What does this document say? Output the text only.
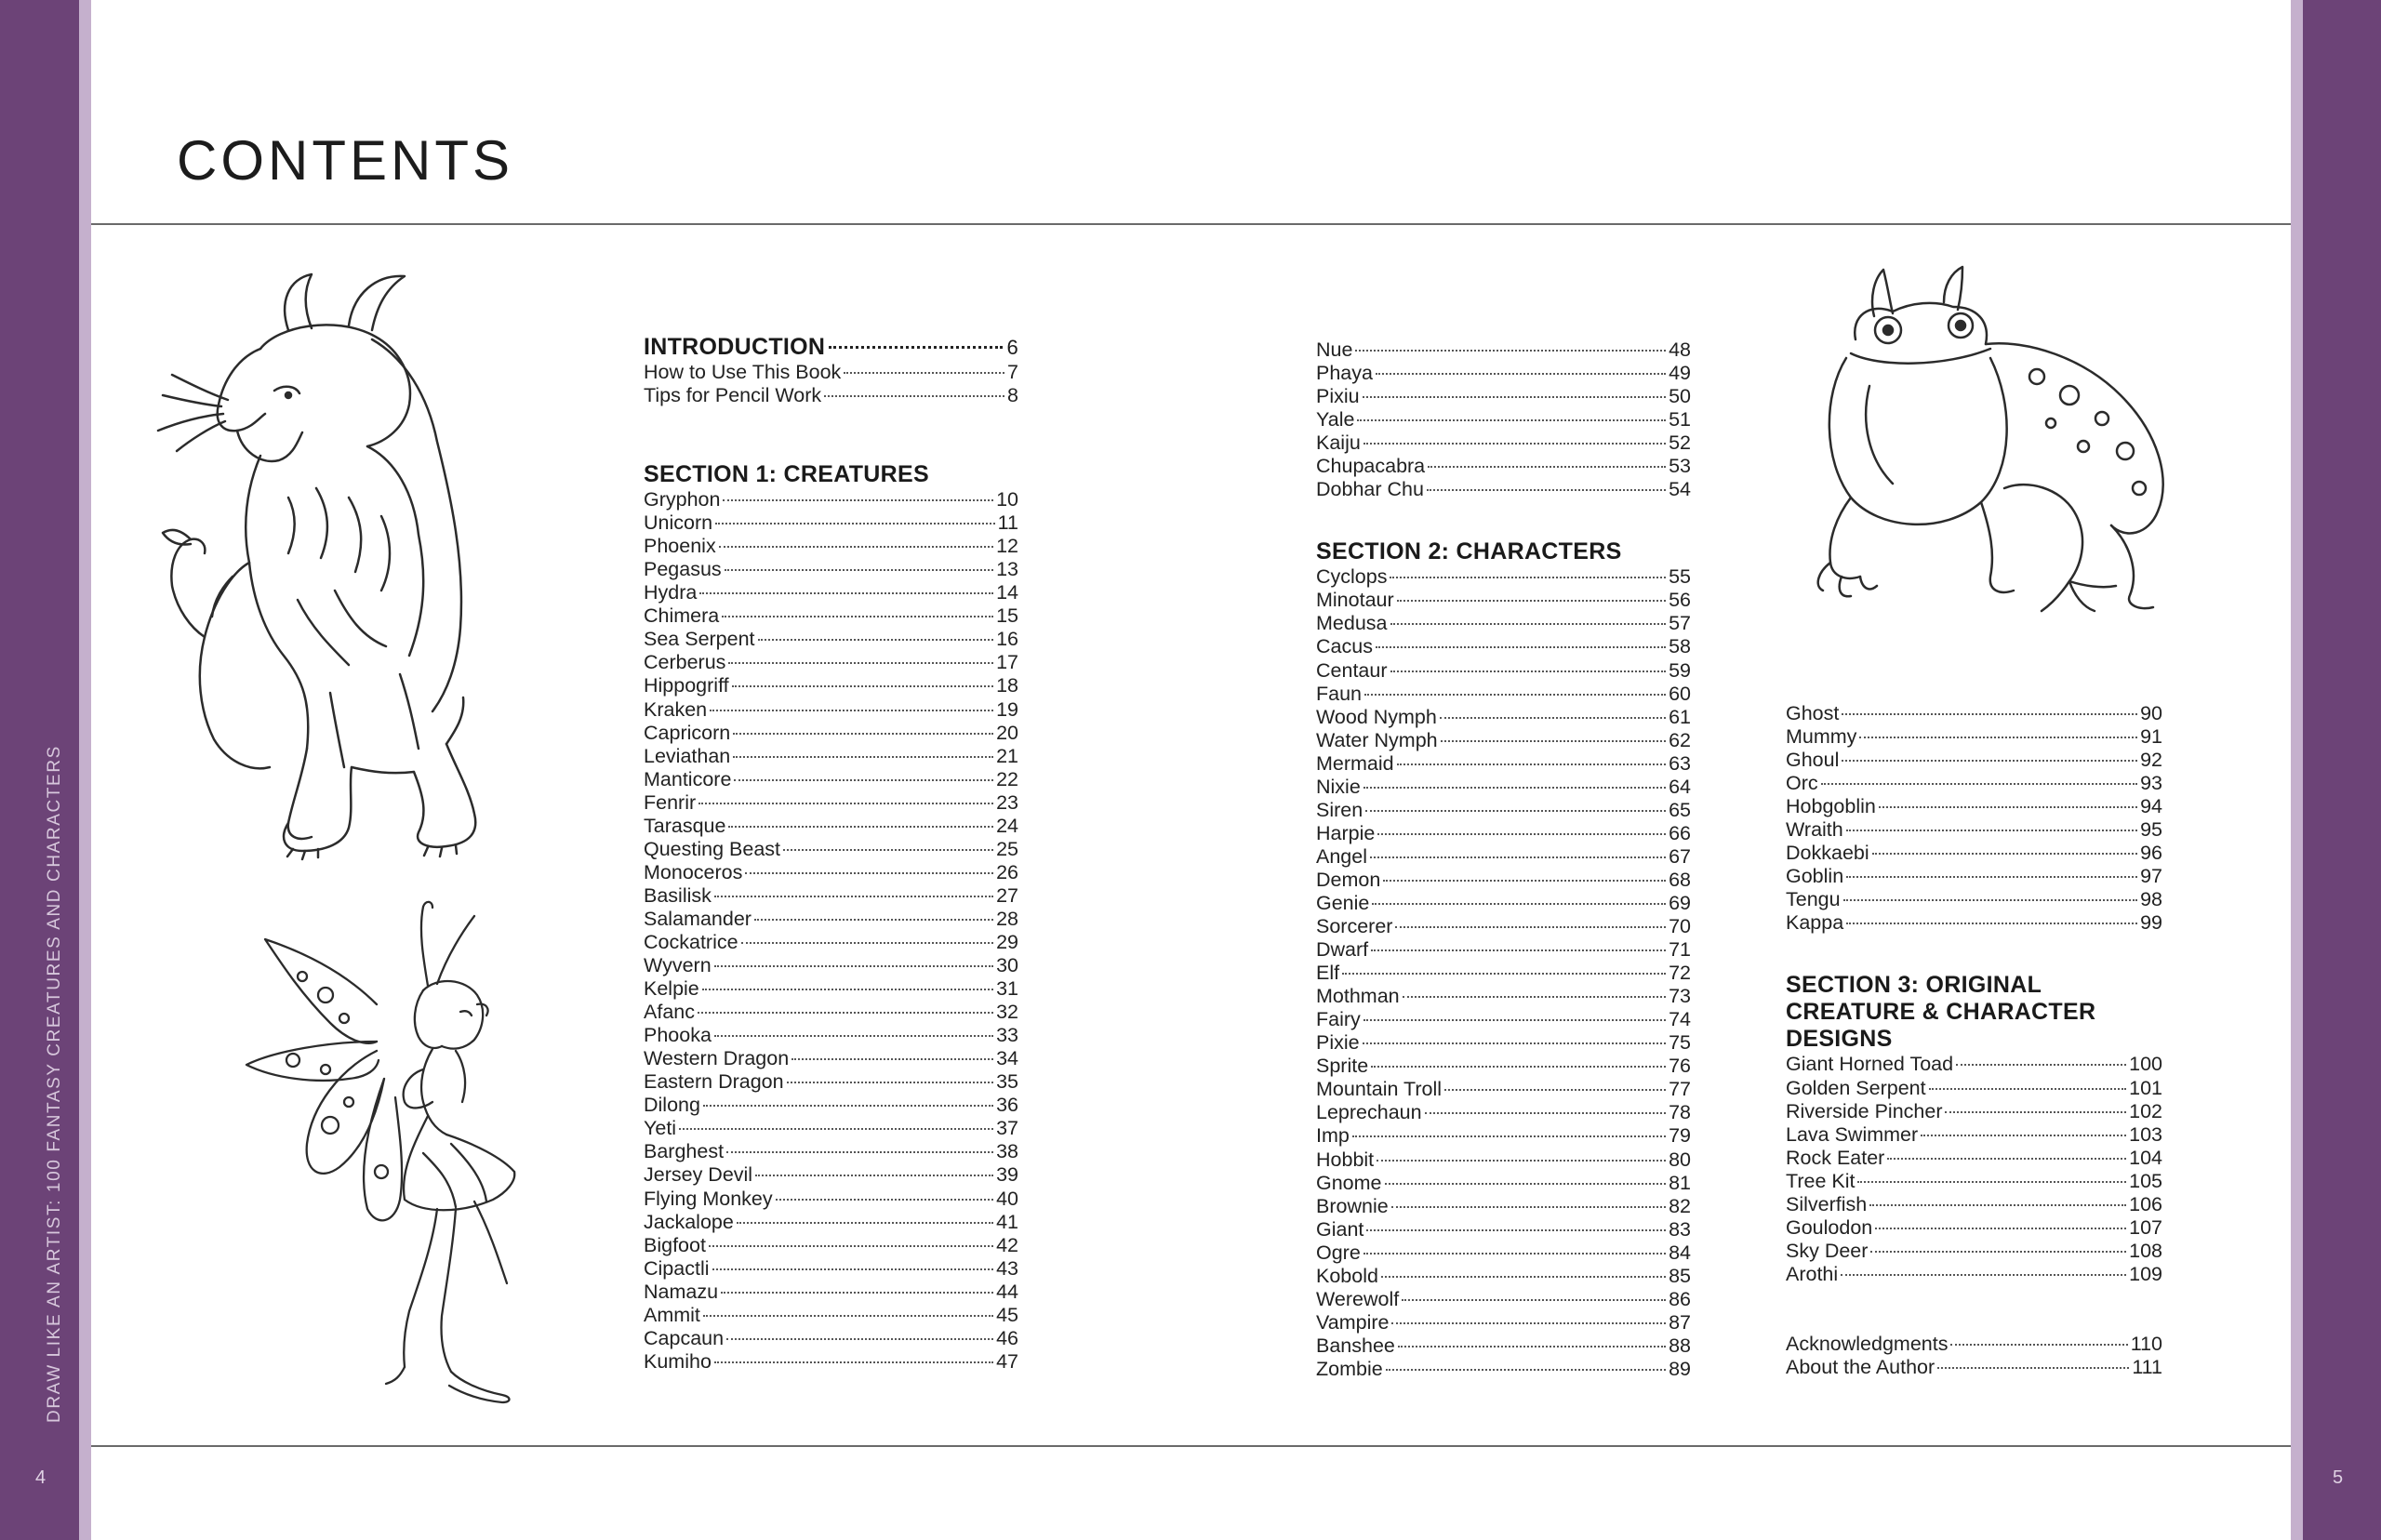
DRAW LIKE AN ARTIST: 100 FANTASY CREATURES AND CHARACTERS
4	5
CONTENTS
INTRODUCTION	6
How to Use This Book	7
Tips for Pencil Work	8
SECTION 1: CREATURES
Gryphon	10
Unicorn	11
Phoenix	12
Pegasus	13
Hydra	14
Chimera	15
Sea Serpent	16
Cerberus	17
Hippogriff	18
Kraken	19
Capricorn	20
Leviathan	21
Manticore	22
Fenrir	23
Tarasque	24
Questing Beast	25
Monoceros	26
Basilisk	27
Salamander	28
Cockatrice	29
Wyvern	30
Kelpie	31
Afanc	32
Phooka	33
Western Dragon	34
Eastern Dragon	35
Dilong	36
Yeti	37
Barghest	38
Jersey Devil	39
Flying Monkey	40
Jackalope	41
Bigfoot	42
Cipactli	43
Namazu	44
Ammit	45
Capcaun	46
Kumiho	47
Nue	48
Phaya	49
Pixiu	50
Yale	51
Kaiju	52
Chupacabra	53
Dobhar Chu	54
SECTION 2: CHARACTERS
Cyclops	55
Minotaur	56
Medusa	57
Cacus	58
Centaur	59
Faun	60
Wood Nymph	61
Water Nymph	62
Mermaid	63
Nixie	64
Siren	65
Harpie	66
Angel	67
Demon	68
Genie	69
Sorcerer	70
Dwarf	71
Elf	72
Mothman	73
Fairy	74
Pixie	75
Sprite	76
Mountain Troll	77
Leprechaun	78
Imp	79
Hobbit	80
Gnome	81
Brownie	82
Giant	83
Ogre	84
Kobold	85
Werewolf	86
Vampire	87
Banshee	88
Zombie	89
Ghost	90
Mummy	91
Ghoul	92
Orc	93
Hobgoblin	94
Wraith	95
Dokkaebi	96
Goblin	97
Tengu	98
Kappa	99
SECTION 3: ORIGINAL CREATURE & CHARACTER DESIGNS
Giant Horned Toad	100
Golden Serpent	101
Riverside Pincher	102
Lava Swimmer	103
Rock Eater	104
Tree Kit	105
Silverfish	106
Goulodon	107
Sky Deer	108
Arothi	109
Acknowledgments	110
About the Author	111
